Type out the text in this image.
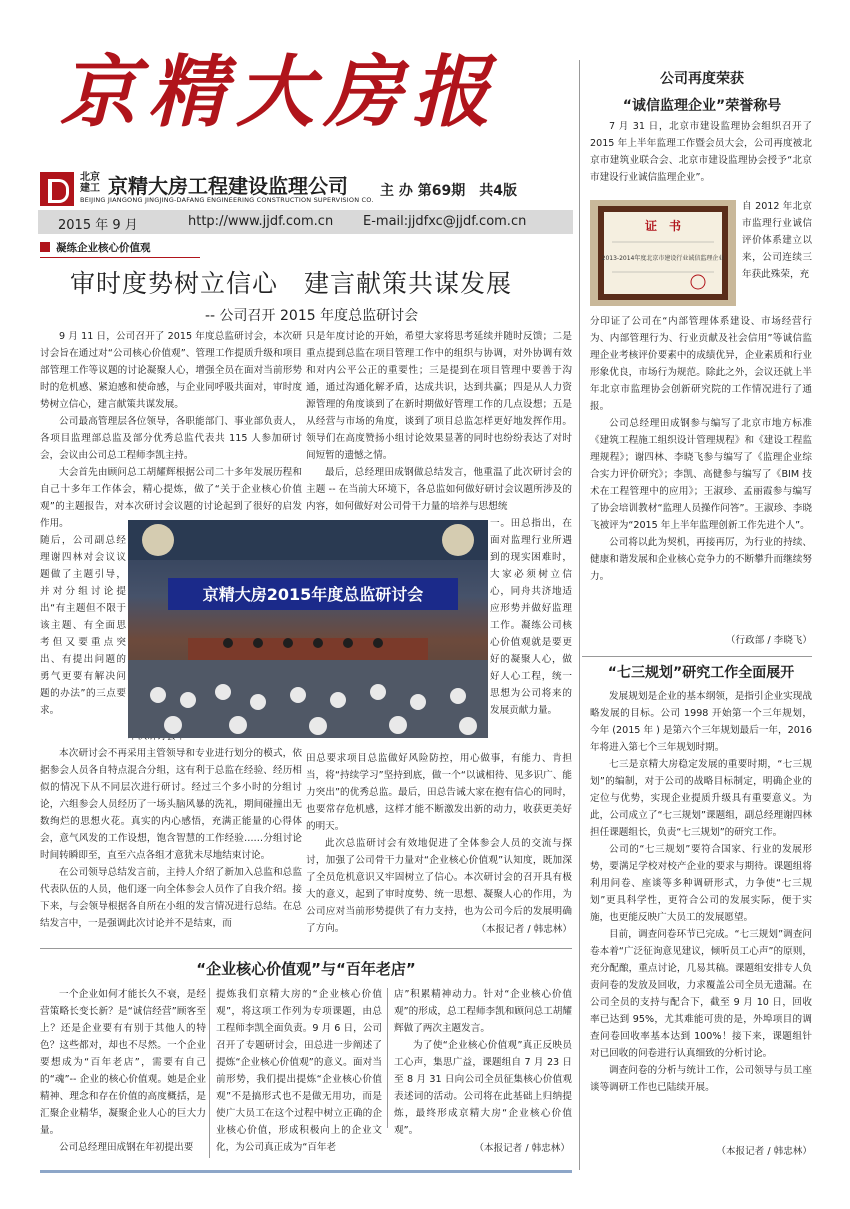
京精大房报
北京建工 京精大房工程建设监理公司
BEIJING JIANGONG JINGJING-DAFANG ENGINEERING CONSTRUCTION SUPERVISION CO.
主 办 第69期　共4版
2015 年 9 月	http://www.jjdf.com.cn E-mail:jjdfxc@jjdf.com.cn
凝练企业核心价值观
审时度势树立信心　建言献策共谋发展
-- 公司召开 2015 年度总监研讨会

9 月 11 日，公司召开了 2015 年度总监研讨会，本次研讨会旨在通过对“公司核心价值观”、管理工作提质升级和项目部管理工作等议题的讨论凝聚人心，增强全员在面对当前形势时的危机感、紧迫感和使命感，与企业同呼吸共面对，审时度势树立信心，建言献策共谋发展。

公司最高管理层各位领导，各职能部门、事业部负责人，各项目监理部总监及部分优秀总监代表共 115 人参加研讨会，会议由公司总工程师李凯主持。

大会首先由顾问总工胡耀辉根据公司二十多年发展历程和自己十多年工作体会，精心提炼，做了“关于企业核心价值观”的主题报告，对本次研讨会议题的讨论起到了很好的启发作用。

随后，公司副总经理谢四林对会议议题做了主题引导，并对分组讨论提出“有主题但不限于该主题、有全面思考但又要重点突出、有提出问题的勇气更要有解决问题的办法”的三点要求。

本次研讨会不再采用主管领导和专业进行划分的模式，依据参会人员各自特点混合分组，这有利于总监在经验、经历相似的情况下从不同层次进行研讨。经过三个多小时的分组讨论，六组参会人员经历了一场头脑风暴的洗礼，期间碰撞出无数绚烂的思想火花。真实的内心感悟，充满正能量的心得体会，意气风发的工作设想，饱含智慧的工作经验……分组讨论时间转瞬即至，直至六点各组才意犹未尽地结束讨论。

在公司领导总结发言前，主持人介绍了新加入总监和总监代表队伍的人员，他们逐一向全体参会人员作了自我介绍。接下来，与会领导根据各自所在小组的发言情况进行总结。在总结发言中，一是强调此次讨论并不是结束，而

京精大房2015年度总监研讨会

只是年度讨论的开始，希望大家将思考延续并随时反馈；二是重点提到总监在项目管理工作中的组织与协调，对外协调有效和对内公平公正的重要性；三是提到在项目管理中要善于沟通，通过沟通化解矛盾，达成共识，达到共赢；四是从人力资源管理的角度谈到了在新时期做好管理工作的几点设想；五是从经营与市场的角度，谈到了项目总监怎样更好地发挥作用。领导们在高度赞扬小组讨论效果显著的同时也纷纷表达了对时间短暂的遗憾之情。

最后，总经理田成钢做总结发言，他重温了此次研讨会的主题 -- 在当前大环境下，各总监如何做好研讨会议题所涉及的内容，如何做好对公司骨干力量的培养与思想统

一。田总指出，在面对监理行业所遇到的现实困难时，大家必须树立信心，同舟共济地适应形势并做好监理工作。凝练公司核心价值观就是要更好的凝聚人心，做好人心工程，统一思想为公司将来的发展贡献力量。

田总要求项目总监做好风险防控，用心做事，有能力、肯担当，将“持续学习”坚持到底，做一个“以诚相待、见多识广、能力突出”的优秀总监。最后，田总告诫大家在抱有信心的同时，也要常存危机感，这样才能不断激发出新的动力，收获更美好的明天。

此次总监研讨会有效地促进了全体参会人员的交流与探讨，加强了公司骨干力量对“企业核心价值观”认知度，既加深了全员危机意识又牢固树立了信心。本次研讨会的召开具有极大的意义，起到了审时度势、统一思想、凝聚人心的作用，为公司应对当前形势提供了有力支持，也为公司今后的发展明确了方向。	（本报记者 / 韩忠林）
“企业核心价值观”与“百年老店”

一个企业如何才能长久不衰，是经营策略长变长新？是“诚信经营”顾客至上？还是企业要有有别于其他人的特色？这些都对，却也不尽然。一个企业要想成为“百年老店”，需要有自己的“魂”-- 企业的核心价值观。她是企业精神、理念和存在价值的高度概括，是汇聚企业精华，凝聚企业人心的巨大力量。

公司总经理田成钢在年初提出要

提炼我们京精大房的“企业核心价值观”，将这项工作列为专项课题，由总工程师李凯全面负责。9 月 6 日，公司召开了专题研讨会，田总进一步阐述了提炼“企业核心价值观”的意义。面对当前形势，我们提出提炼“企业核心价值观”不是搞形式也不是做无用功，而是使广大员工在这个过程中树立正确的企业核心价值，形成积极向上的企业文化，为公司真正成为“百年老

店”积累精神动力。针对“企业核心价值观”的形成，总工程师李凯和顾问总工胡耀辉做了两次主题发言。

为了使“企业核心价值观”真正反映员工心声，集思广益，课题组自 7 月 23 日至 8 月 31 日向公司全员征集核心价值观表述词的活动。公司将在此基础上归纳提炼，最终形成京精大房“企业核心价值观”。

（本报记者 / 韩忠林）
公司再度荣获
“诚信监理企业”荣誉称号

7 月 31 日，北京市建设监理协会组织召开了 2015 年上半年监理工作暨会员大会，公司再度被北京市建筑业联合会、北京市建设监理协会授予“北京市建设行业诚信监理企业”。

证　书
2013-2014年度北京市建设行业诚信监理企业

自 2012 年北京市监理行业诚信评价体系建立以来，公司连续三年获此殊荣，充

分印证了公司在“内部管理体系建设、市场经营行为、内部管理行为、行业贡献及社会信用”等诚信监理企业考核评价要素中的成绩优异，企业素质和行业形象优良，市场行为规范。除此之外，会议还就上半年北京市监理协会创新研究院的工作情况进行了通报。

公司总经理田成钢参与编写了北京市地方标准《建筑工程施工组织设计管理规程》和《建设工程监理规程》；谢四林、李晓飞参与编写了《监理企业综合实力评价研究》；李凯、高健参与编写了《BIM 技术在工程管理中的应用》；王淑珍、孟丽霞参与编写了协会培训教材“监理人员操作问答”。王淑珍、李晓飞被评为“2015 年上半年监理创新工作先进个人”。

公司将以此为契机，再接再厉，为行业的持续、健康和谐发展和企业核心竞争力的不断攀升而继续努力。

（行政部 / 李晓飞）
“七三规划”研究工作全面展开

发展规划是企业的基本纲领，是指引企业实现战略发展的目标。公司 1998 开始第一个三年规划，今年 (2015 年 ) 是第六个三年规划最后一年，2016 年将进入第七个三年规划时期。

七三是京精大房稳定发展的重要时期，“七三规划”的编制，对于公司的战略目标制定，明确企业的定位与优势，实现企业提质升级具有重要意义。为此，公司成立了“七三规划”课题组，副总经理谢四林担任课题组长，负责“七三规划”的研究工作。

公司的“七三规划”要符合国家、行业的发展形势，要满足学校对校产企业的要求与期待。课题组将利用问卷、座谈等多种调研形式，力争使“七三规划”更具科学性，更符合公司的发展实际，便于实施，也更能反映广大员工的发展愿望。

目前，调查问卷环节已完成。“七三规划”调查问卷本着“广泛征询意见建议，倾听员工心声”的原则，充分配酿，重点讨论，几易其稿。课题组安排专人负责问卷的发放及回收，力求覆盖公司全员无遗漏。在公司全员的支持与配合下，截至 9 月 10 日，回收率已达到 95%，尤其难能可贵的是，外埠项目的调查问卷回收率基本达到 100%！接下来，课题组针对已回收的问卷进行认真细致的分析讨论。

调查问卷的分析与统计工作，公司领导与员工座谈等调研工作也已陆续开展。

（本报记者 / 韩忠林）
